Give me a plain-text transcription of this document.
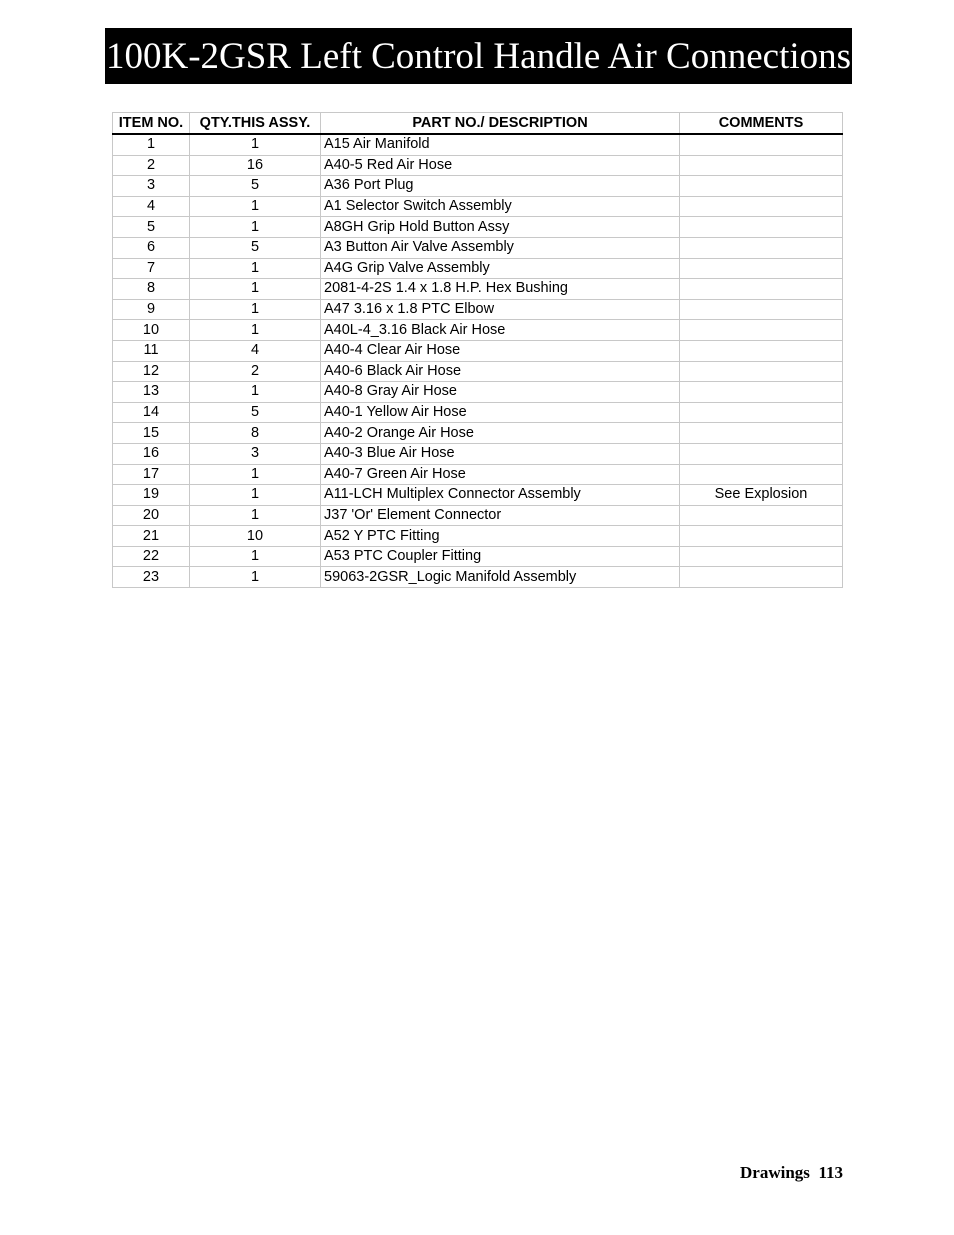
100K-2GSR Left Control Handle Air Connections
ITEM NO.	QTY.THIS ASSY.	PART NO./ DESCRIPTION	COMMENTS
1	1	A15 Air Manifold	
2	16	A40-5 Red Air Hose	
3	5	A36 Port Plug	
4	1	A1 Selector Switch Assembly	
5	1	A8GH Grip Hold Button Assy	
6	5	A3 Button Air Valve Assembly	
7	1	A4G Grip Valve Assembly	
8	1	2081-4-2S 1.4 x 1.8 H.P. Hex Bushing	
9	1	A47 3.16 x 1.8 PTC Elbow	
10	1	A40L-4_3.16 Black Air Hose	
11	4	A40-4 Clear Air Hose	
12	2	A40-6 Black Air Hose	
13	1	A40-8 Gray Air Hose	
14	5	A40-1 Yellow Air Hose	
15	8	A40-2 Orange Air Hose	
16	3	A40-3 Blue Air Hose	
17	1	A40-7 Green Air Hose	
19	1	A11-LCH Multiplex Connector Assembly	See Explosion
20	1	J37 'Or' Element Connector	
21	10	A52 Y PTC Fitting	
22	1	A53 PTC Coupler Fitting	
23	1	59063-2GSR_Logic Manifold Assembly	
Drawings 113
